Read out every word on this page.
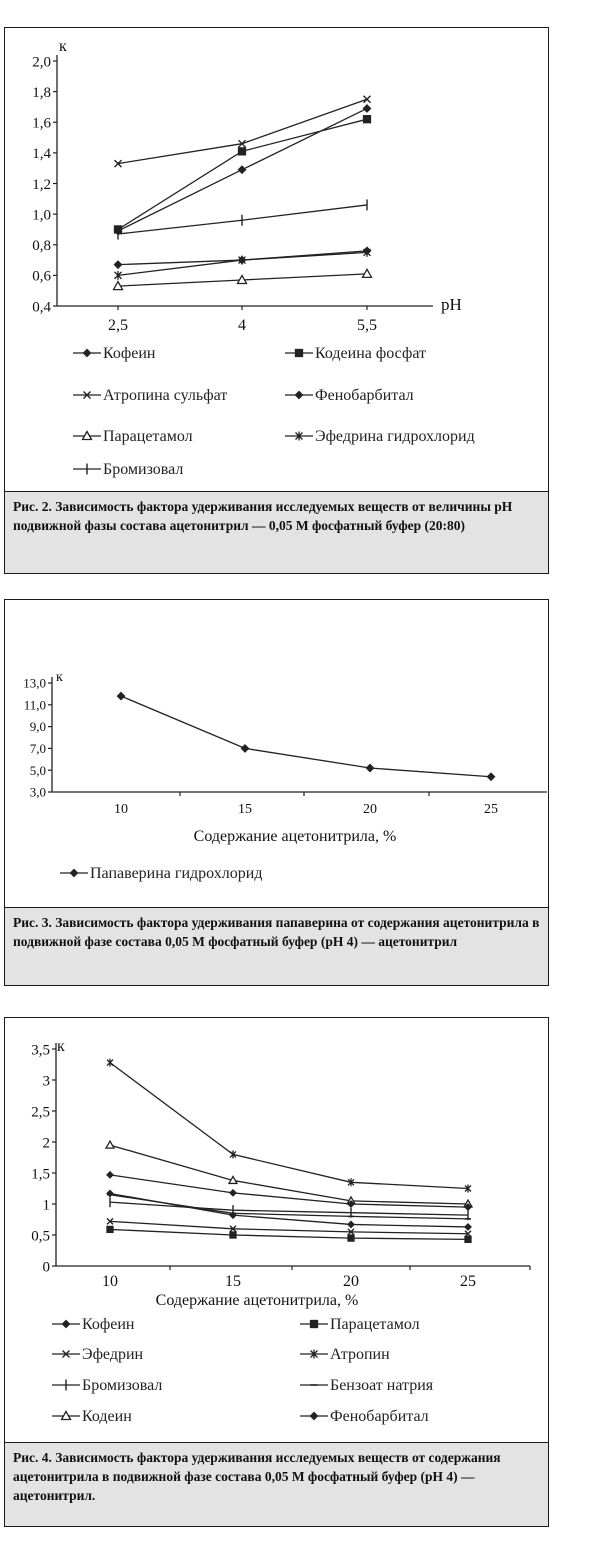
0,4
0,6
0,8
1,0
1,2
1,4
1,6
1,8
2,0
2,5	4	5,5
к
pH
Кофеин	Кодеина фосфат
Атропина сульфат	Фенобарбитал
Парацетамол	Эфедрина гидрохлорид
Бромизовал
Рис. 2. Зависимость фактора удерживания исследуемых веществ от величины pH подвижной фазы состава ацетонитрил — 0,05 М фосфатный буфер (20:80)
3,0
5,0
7,0
9,0
11,0
13,0
10	15	20	25
к
Содержание ацетонитрила, %
Папаверина гидрохлорид
Рис. 3. Зависимость фактора удерживания папаверина от содержания ацетонитрила в подвижной фазе состава 0,05 М фосфатный буфер (рН 4) — ацетонитрил
0
0,5
1
1,5
2
2,5
3
3,5
10	15	20	25
к
Содержание ацетонитрила, %
Кофеин	Парацетамол
Эфедрин	Атропин
Бромизовал	Бензоат натрия
Кодеин	Фенобарбитал
Рис. 4. Зависимость фактора удерживания исследуемых веществ от содержания ацетонитрила в подвижной фазе состава 0,05 М фосфатный буфер (рН 4) — ацетонитрил.
